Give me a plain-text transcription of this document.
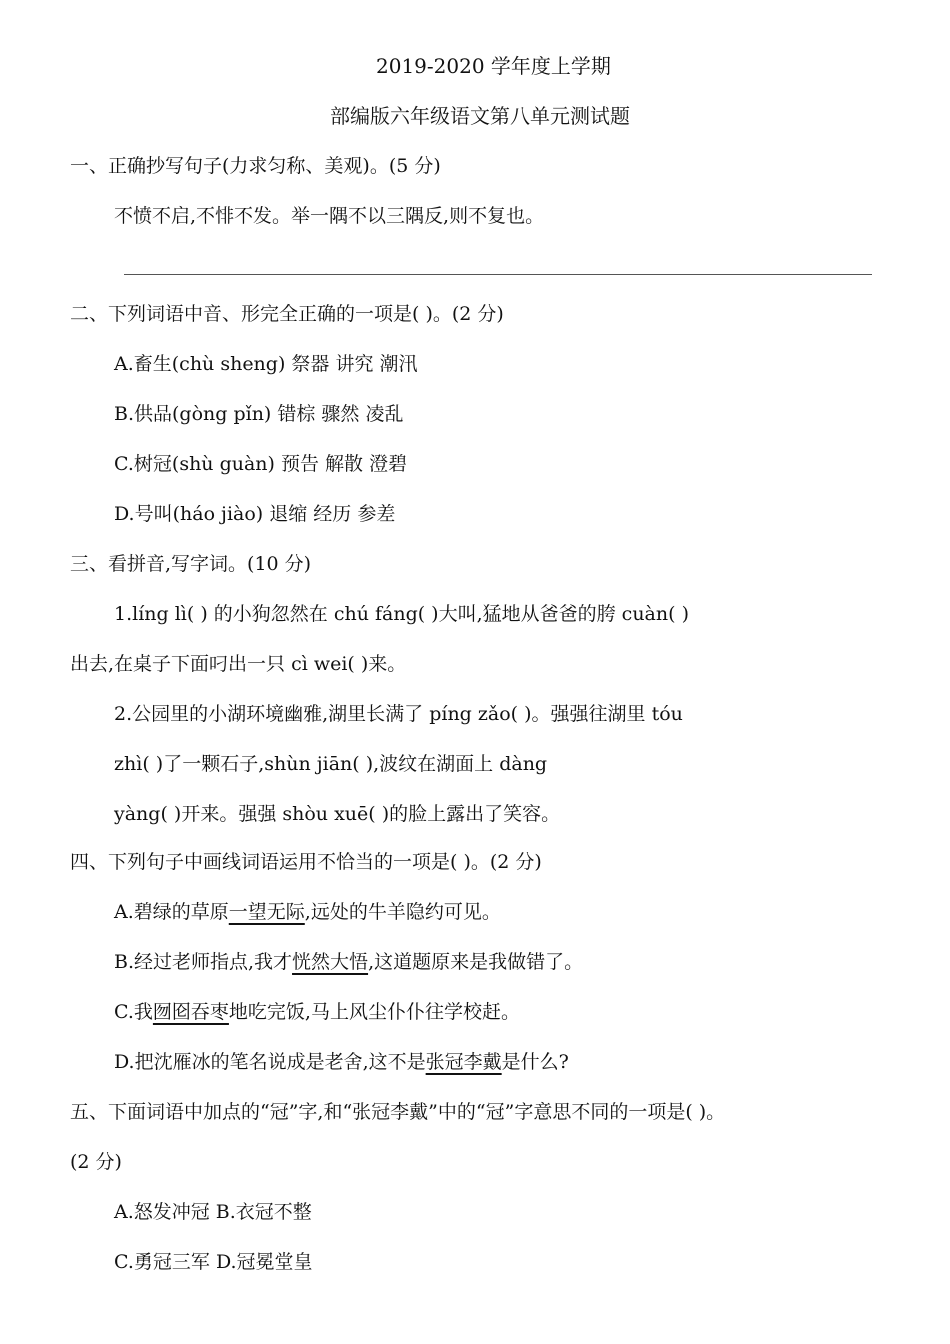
2019-2020 学年度上学期
部编版六年级语文第八单元测试题
一、正确抄写句子(力求匀称、美观)。(5 分)
不愤不启,不悱不发。举一隅不以三隅反,则不复也。
二、下列词语中音、形完全正确的一项是( )。(2 分)
A.畜生(chù sheng) 祭器 讲究 潮汛
B.供品(gòng pǐn) 错棕 骤然 凌乱
C.树冠(shù guàn) 预告 解散 澄碧
D.号叫(háo jiào) 退缩 经历 参差
三、看拼音,写字词。(10 分)
1.líng lì( ) 的小狗忽然在 chú fáng( )大叫,猛地从爸爸的胯 cuàn( )
出去,在桌子下面叼出一只 cì wei( )来。
2.公园里的小湖环境幽雅,湖里长满了 píng zǎo( )。强强往湖里 tóu
zhì( )了一颗石子,shùn jiān( ),波纹在湖面上 dàng
yàng( )开来。强强 shòu xuē( )的脸上露出了笑容。
四、下列句子中画线词语运用不恰当的一项是( )。(2 分)
A.碧绿的草原一望无际,远处的牛羊隐约可见。
B.经过老师指点,我才恍然大悟,这道题原来是我做错了。
C.我囫囵吞枣地吃完饭,马上风尘仆仆往学校赶。
D.把沈雁冰的笔名说成是老舍,这不是张冠李戴是什么?
五、下面词语中加点的“冠”字,和“张冠李戴”中的“冠”字意思不同的一项是( )。
(2 分)
A.怒发冲冠 B.衣冠不整
C.勇冠三军 D.冠冕堂皇
